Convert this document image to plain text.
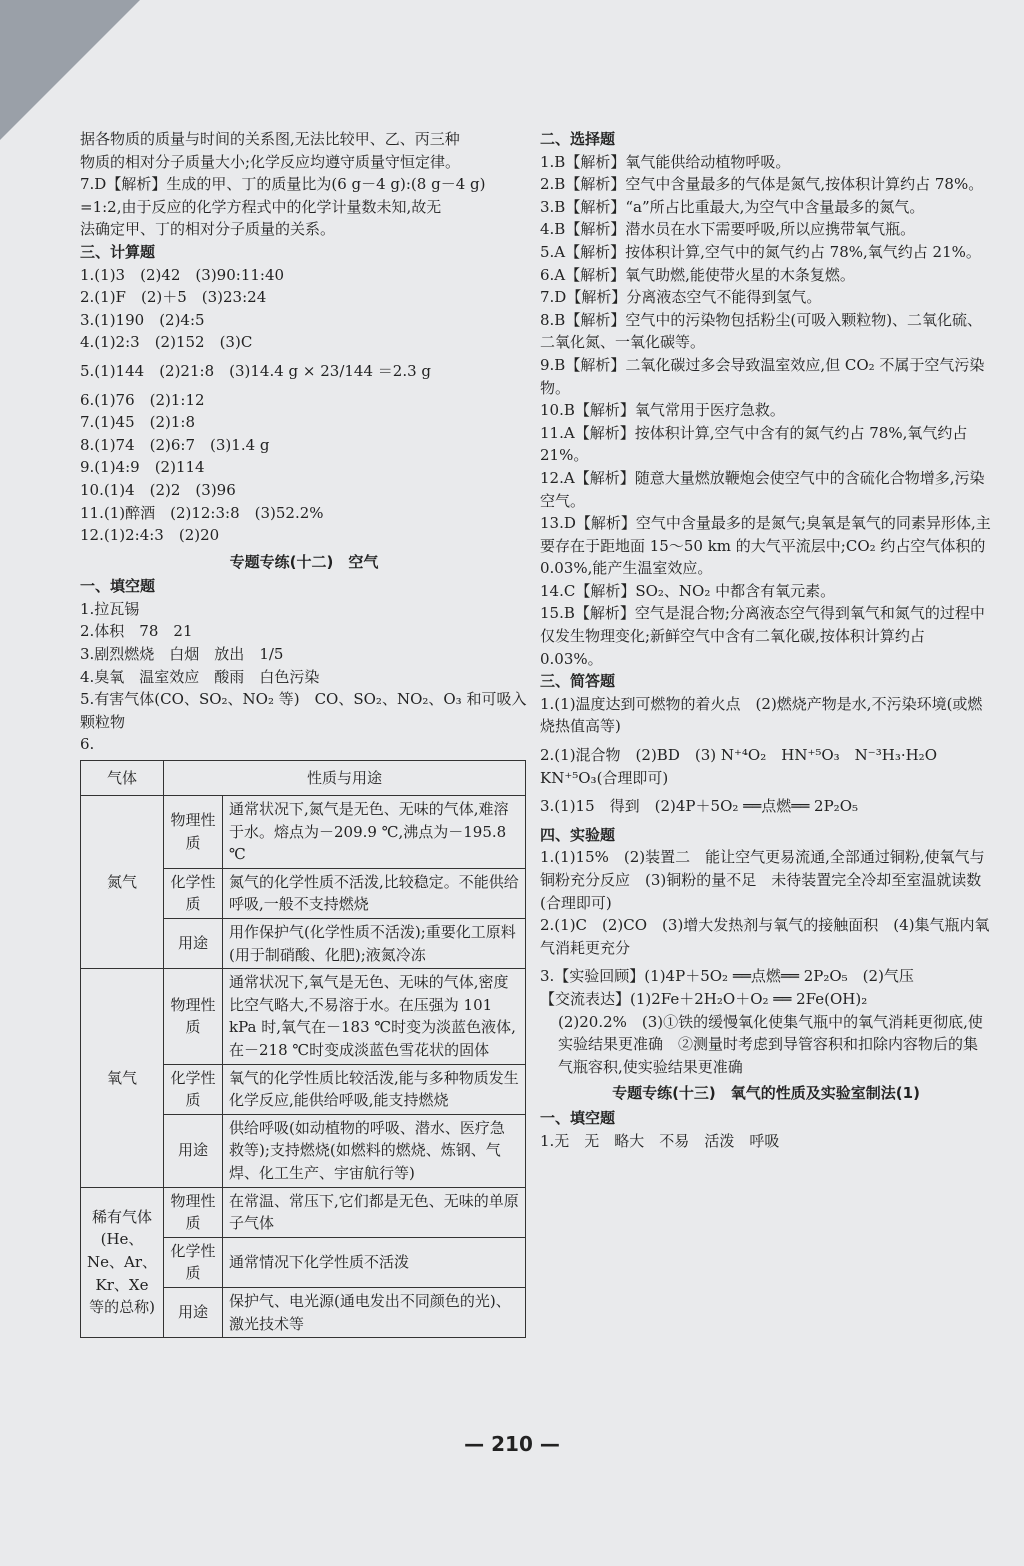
据各物质的质量与时间的关系图,无法比较甲、乙、丙三种

物质的相对分子质量大小;化学反应均遵守质量守恒定律。

7.D【解析】生成的甲、丁的质量比为(6 g－4 g):(8 g－4 g)

=1:2,由于反应的化学方程式中的化学计量数未知,故无

法确定甲、丁的相对分子质量的关系。

三、计算题

1.(1)3　(2)42　(3)90:11:40

2.(1)F　(2)＋5　(3)23:24

3.(1)190　(2)4:5

4.(1)2:3　(2)152　(3)C

5.(1)144　(2)21:8　(3)14.4 g × 23/144 ＝2.3 g

6.(1)76　(2)1:12

7.(1)45　(2)1:8

8.(1)74　(2)6:7　(3)1.4 g

9.(1)4:9　(2)114

10.(1)4　(2)2　(3)96

11.(1)醉酒　(2)12:3:8　(3)52.2%

12.(1)2:4:3　(2)20

专题专练(十二)　空气

一、填空题

1.拉瓦锡

2.体积　78　21

3.剧烈燃烧　白烟　放出　1/5

4.臭氧　温室效应　酸雨　白色污染

5.有害气体(CO、SO₂、NO₂ 等)　CO、SO₂、NO₂、O₃ 和可吸入颗粒物

6.

气体	性质与用途	
氮气	物理性质	通常状况下,氮气是无色、无味的气体,难溶于水。熔点为－209.9 ℃,沸点为－195.8 ℃
	化学性质	氮气的化学性质不活泼,比较稳定。不能供给呼吸,一般不支持燃烧
	用途	用作保护气(化学性质不活泼);重要化工原料(用于制硝酸、化肥);液氮冷冻
氧气	物理性质	通常状况下,氧气是无色、无味的气体,密度比空气略大,不易溶于水。在压强为 101 kPa 时,氧气在－183 ℃时变为淡蓝色液体,在－218 ℃时变成淡蓝色雪花状的固体
	化学性质	氧气的化学性质比较活泼,能与多种物质发生化学反应,能供给呼吸,能支持燃烧
	用途	供给呼吸(如动植物的呼吸、潜水、医疗急救等);支持燃烧(如燃料的燃烧、炼钢、气焊、化工生产、宇宙航行等)
稀有气体(He、Ne、Ar、Kr、Xe 等的总称)	物理性质	在常温、常压下,它们都是无色、无味的单原子气体
	化学性质	通常情况下化学性质不活泼
	用途	保护气、电光源(通电发出不同颜色的光)、激光技术等

二、选择题

1.B【解析】氧气能供给动植物呼吸。

2.B【解析】空气中含量最多的气体是氮气,按体积计算约占 78%。

3.B【解析】“a”所占比重最大,为空气中含量最多的氮气。

4.B【解析】潜水员在水下需要呼吸,所以应携带氧气瓶。

5.A【解析】按体积计算,空气中的氮气约占 78%,氧气约占 21%。

6.A【解析】氧气助燃,能使带火星的木条复燃。

7.D【解析】分离液态空气不能得到氢气。

8.B【解析】空气中的污染物包括粉尘(可吸入颗粒物)、二氧化硫、二氧化氮、一氧化碳等。

9.B【解析】二氧化碳过多会导致温室效应,但 CO₂ 不属于空气污染物。

10.B【解析】氧气常用于医疗急救。

11.A【解析】按体积计算,空气中含有的氮气约占 78%,氧气约占 21%。

12.A【解析】随意大量燃放鞭炮会使空气中的含硫化合物增多,污染空气。

13.D【解析】空气中含量最多的是氮气;臭氧是氧气的同素异形体,主要存在于距地面 15～50 km 的大气平流层中;CO₂ 约占空气体积的 0.03%,能产生温室效应。

14.C【解析】SO₂、NO₂ 中都含有氧元素。

15.B【解析】空气是混合物;分离液态空气得到氧气和氮气的过程中仅发生物理变化;新鲜空气中含有二氧化碳,按体积计算约占 0.03%。

三、简答题

1.(1)温度达到可燃物的着火点　(2)燃烧产物是水,不污染环境(或燃烧热值高等)

2.(1)混合物　(2)BD　(3) N⁺⁴O₂　HN⁺⁵O₃　N⁻³H₃·H₂O　KN⁺⁵O₃(合理即可)

3.(1)15　得到　(2)4P＋5O₂ ══点燃══ 2P₂O₅

四、实验题

1.(1)15%　(2)装置二　能让空气更易流通,全部通过铜粉,使氧气与铜粉充分反应　(3)铜粉的量不足　未待装置完全冷却至室温就读数(合理即可)

2.(1)C　(2)CO　(3)增大发热剂与氧气的接触面积　(4)集气瓶内氧气消耗更充分

3.【实验回顾】(1)4P＋5O₂ ══点燃══ 2P₂O₅　(2)气压

【交流表达】(1)2Fe＋2H₂O＋O₂ ══ 2Fe(OH)₂

(2)20.2%　(3)①铁的缓慢氧化使集气瓶中的氧气消耗更彻底,使实验结果更准确　②测量时考虑到导管容积和扣除内容物后的集气瓶容积,使实验结果更准确

专题专练(十三)　氧气的性质及实验室制法(1)

一、填空题

1.无　无　略大　不易　活泼　呼吸

— 210 —
